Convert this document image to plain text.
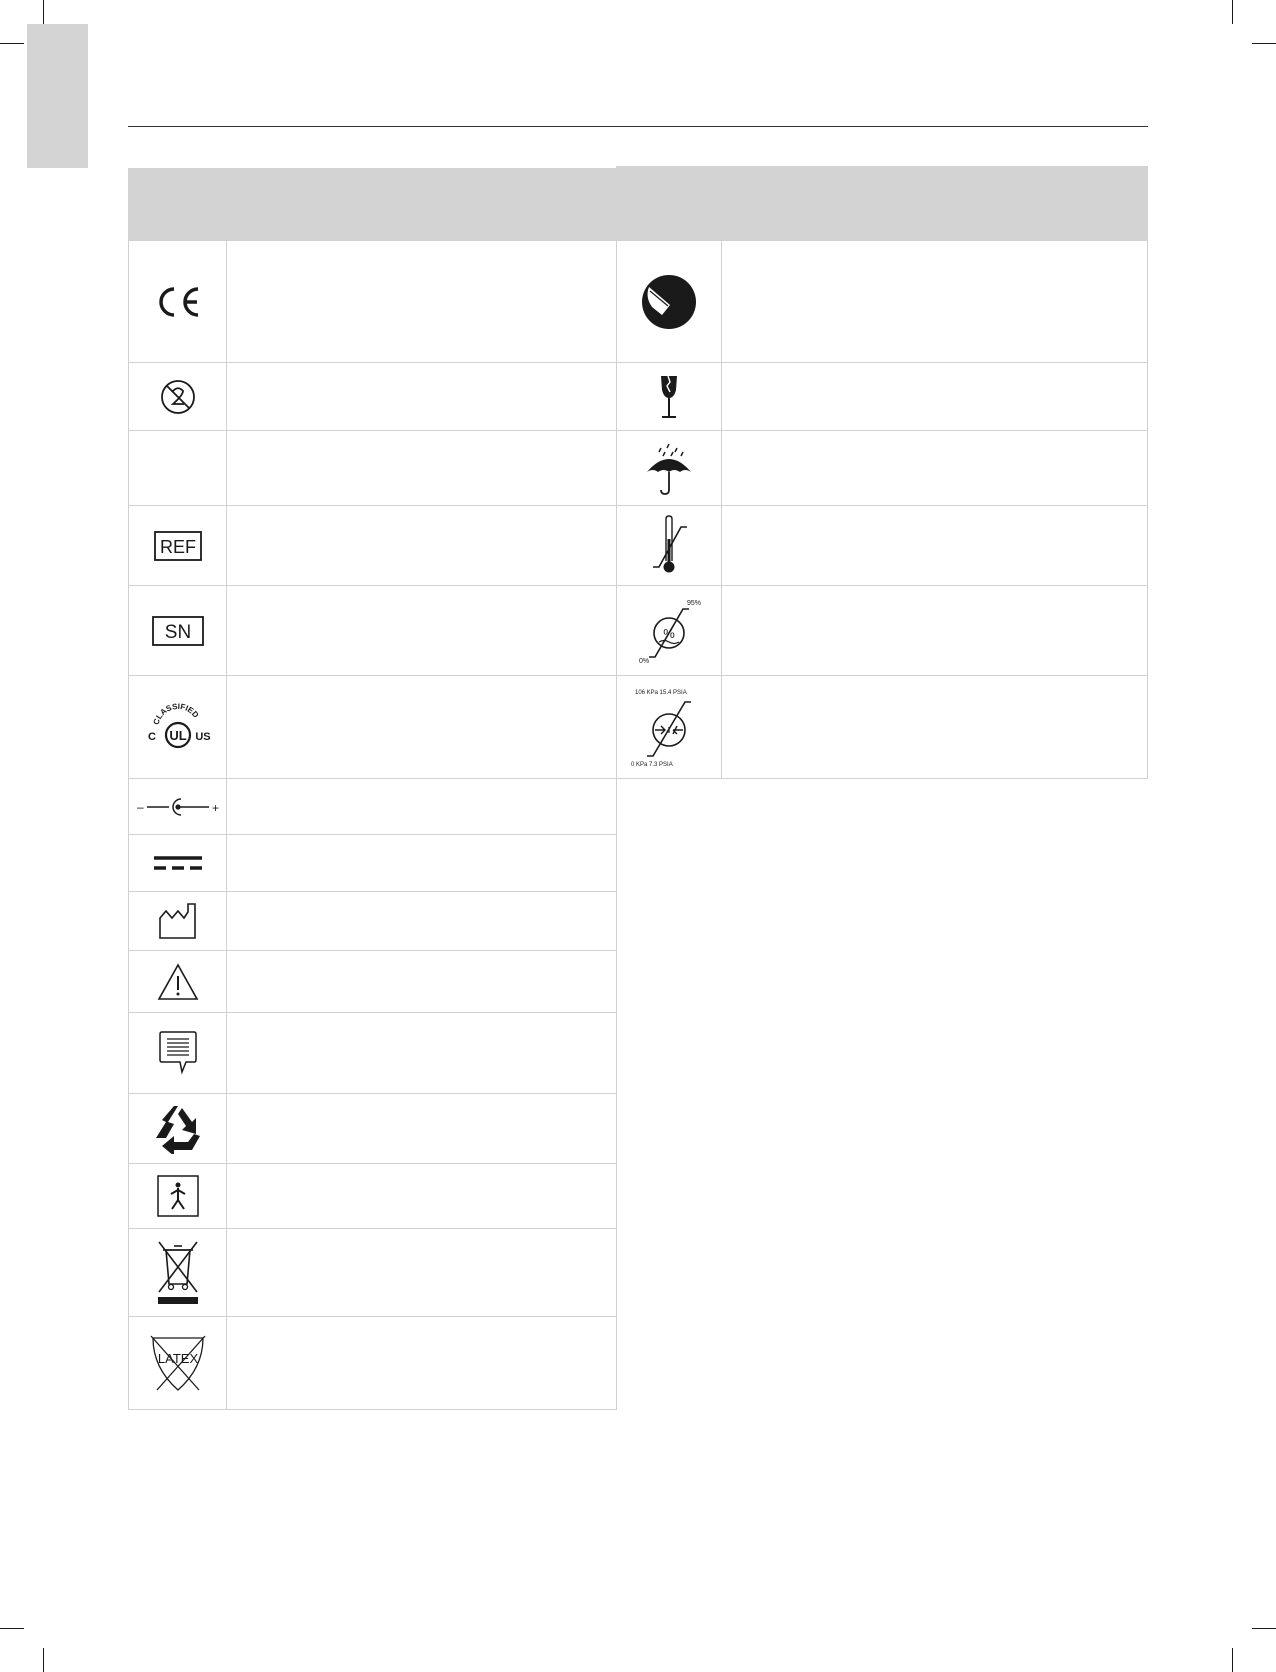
REF
SN
CLASSIFIED
UL
C	US
–	+
LATEX
95%
0%
%
106 KPa 15.4 PSIA
0 KPa 7.3 PSIA
